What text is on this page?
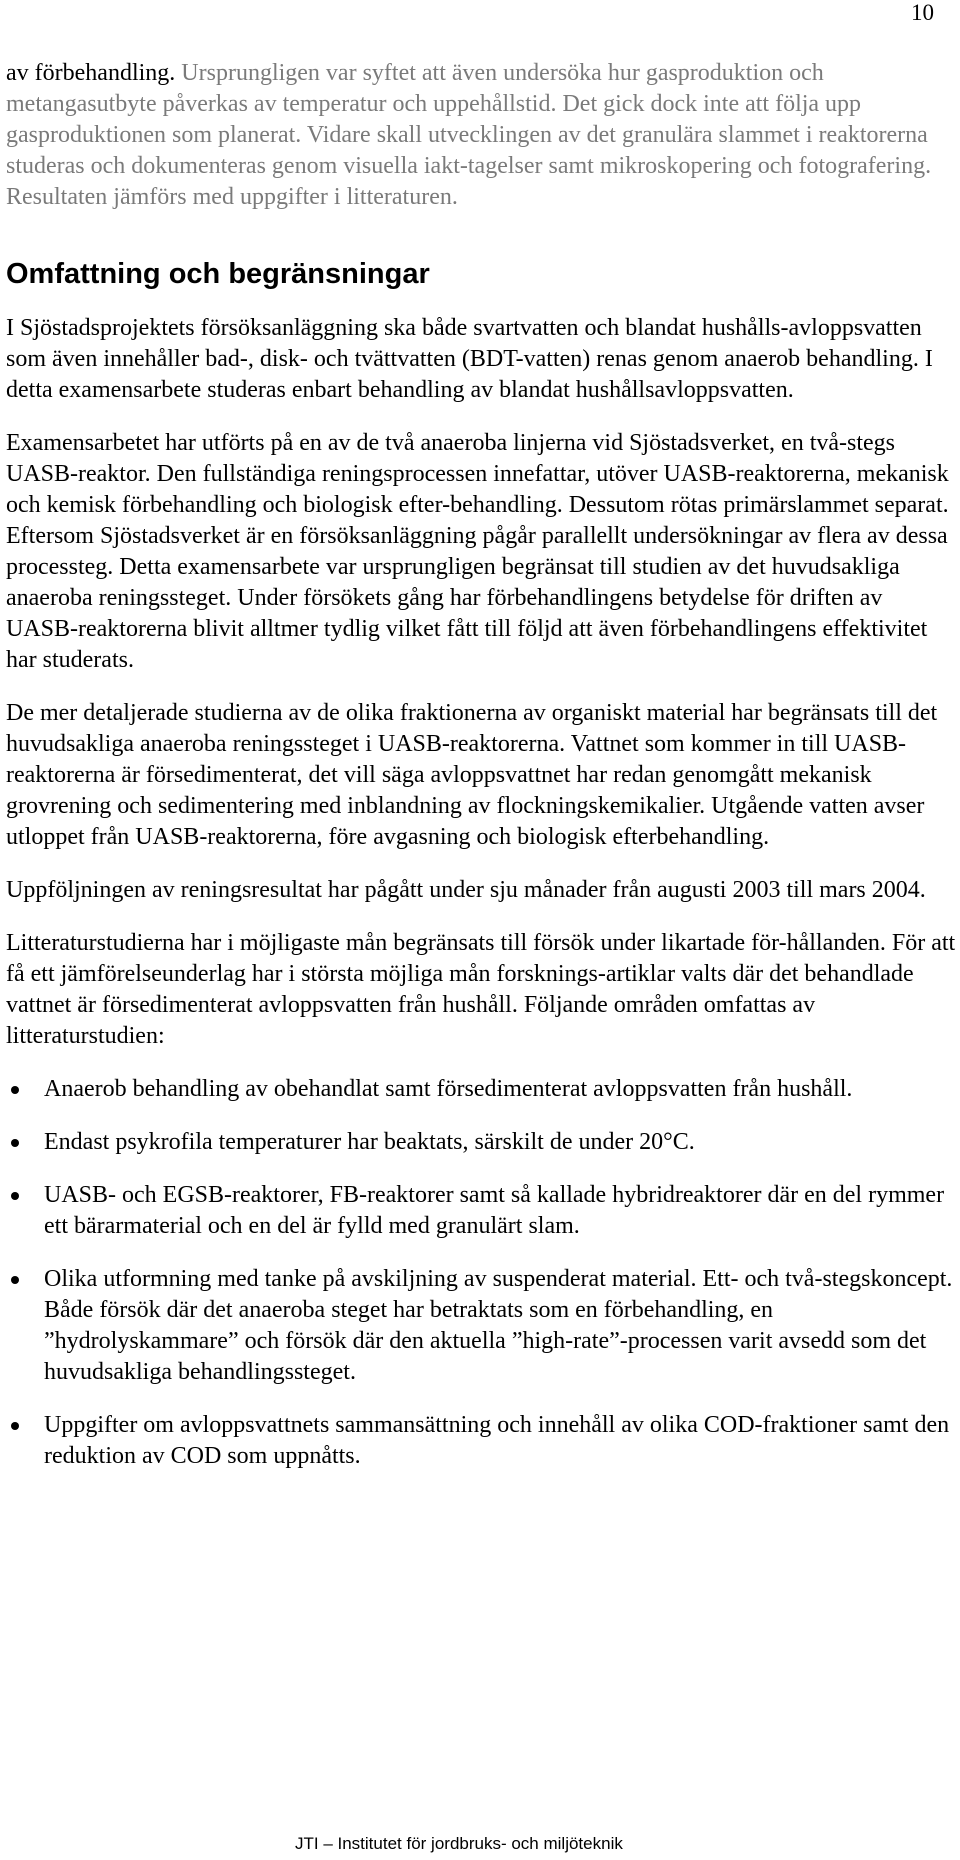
10

av förbehandling. Ursprungligen var syftet att även undersöka hur gasproduktion och metangasutbyte påverkas av temperatur och uppehållstid. Det gick dock inte att följa upp gasproduktionen som planerat. Vidare skall utvecklingen av det granulära slammet i reaktorerna studeras och dokumenteras genom visuella iakt-tagelser samt mikroskopering och fotografering. Resultaten jämförs med uppgifter i litteraturen.

Omfattning och begränsningar

I Sjöstadsprojektets försöksanläggning ska både svartvatten och blandat hushålls-avloppsvatten som även innehåller bad-, disk- och tvättvatten (BDT-vatten) renas genom anaerob behandling. I detta examensarbete studeras enbart behandling av blandat hushållsavloppsvatten.

Examensarbetet har utförts på en av de två anaeroba linjerna vid Sjöstadsverket, en två-stegs UASB-reaktor. Den fullständiga reningsprocessen innefattar, utöver UASB-reaktorerna, mekanisk och kemisk förbehandling och biologisk efter-behandling. Dessutom rötas primärslammet separat. Eftersom Sjöstadsverket är en försöksanläggning pågår parallellt undersökningar av flera av dessa processteg. Detta examensarbete var ursprungligen begränsat till studien av det huvudsakliga anaeroba reningssteget. Under försökets gång har förbehandlingens betydelse för driften av UASB-reaktorerna blivit alltmer tydlig vilket fått till följd att även förbehandlingens effektivitet har studerats.

De mer detaljerade studierna av de olika fraktionerna av organiskt material har begränsats till det huvudsakliga anaeroba reningssteget i UASB-reaktorerna. Vattnet som kommer in till UASB-reaktorerna är försedimenterat, det vill säga avloppsvattnet har redan genomgått mekanisk grovrening och sedimentering med inblandning av flockningskemikalier. Utgående vatten avser utloppet från UASB-reaktorerna, före avgasning och biologisk efterbehandling.

Uppföljningen av reningsresultat har pågått under sju månader från augusti 2003 till mars 2004.

Litteraturstudierna har i möjligaste mån begränsats till försök under likartade för-hållanden. För att få ett jämförelseunderlag har i största möjliga mån forsknings-artiklar valts där det behandlade vattnet är försedimenterat avloppsvatten från hushåll. Följande områden omfattas av litteraturstudien:

Anaerob behandling av obehandlat samt försedimenterat avloppsvatten från hushåll.
Endast psykrofila temperaturer har beaktats, särskilt de under 20°C.
UASB- och EGSB-reaktorer, FB-reaktorer samt så kallade hybridreaktorer där en del rymmer ett bärarmaterial och en del är fylld med granulärt slam.
Olika utformning med tanke på avskiljning av suspenderat material. Ett- och två-stegskoncept. Både försök där det anaeroba steget har betraktats som en förbehandling, en ”hydrolyskammare” och försök där den aktuella ”high-rate”-processen varit avsedd som det huvudsakliga behandlingssteget.
Uppgifter om avloppsvattnets sammansättning och innehåll av olika COD-fraktioner samt den reduktion av COD som uppnåtts.
JTI – Institutet för jordbruks- och miljöteknik
